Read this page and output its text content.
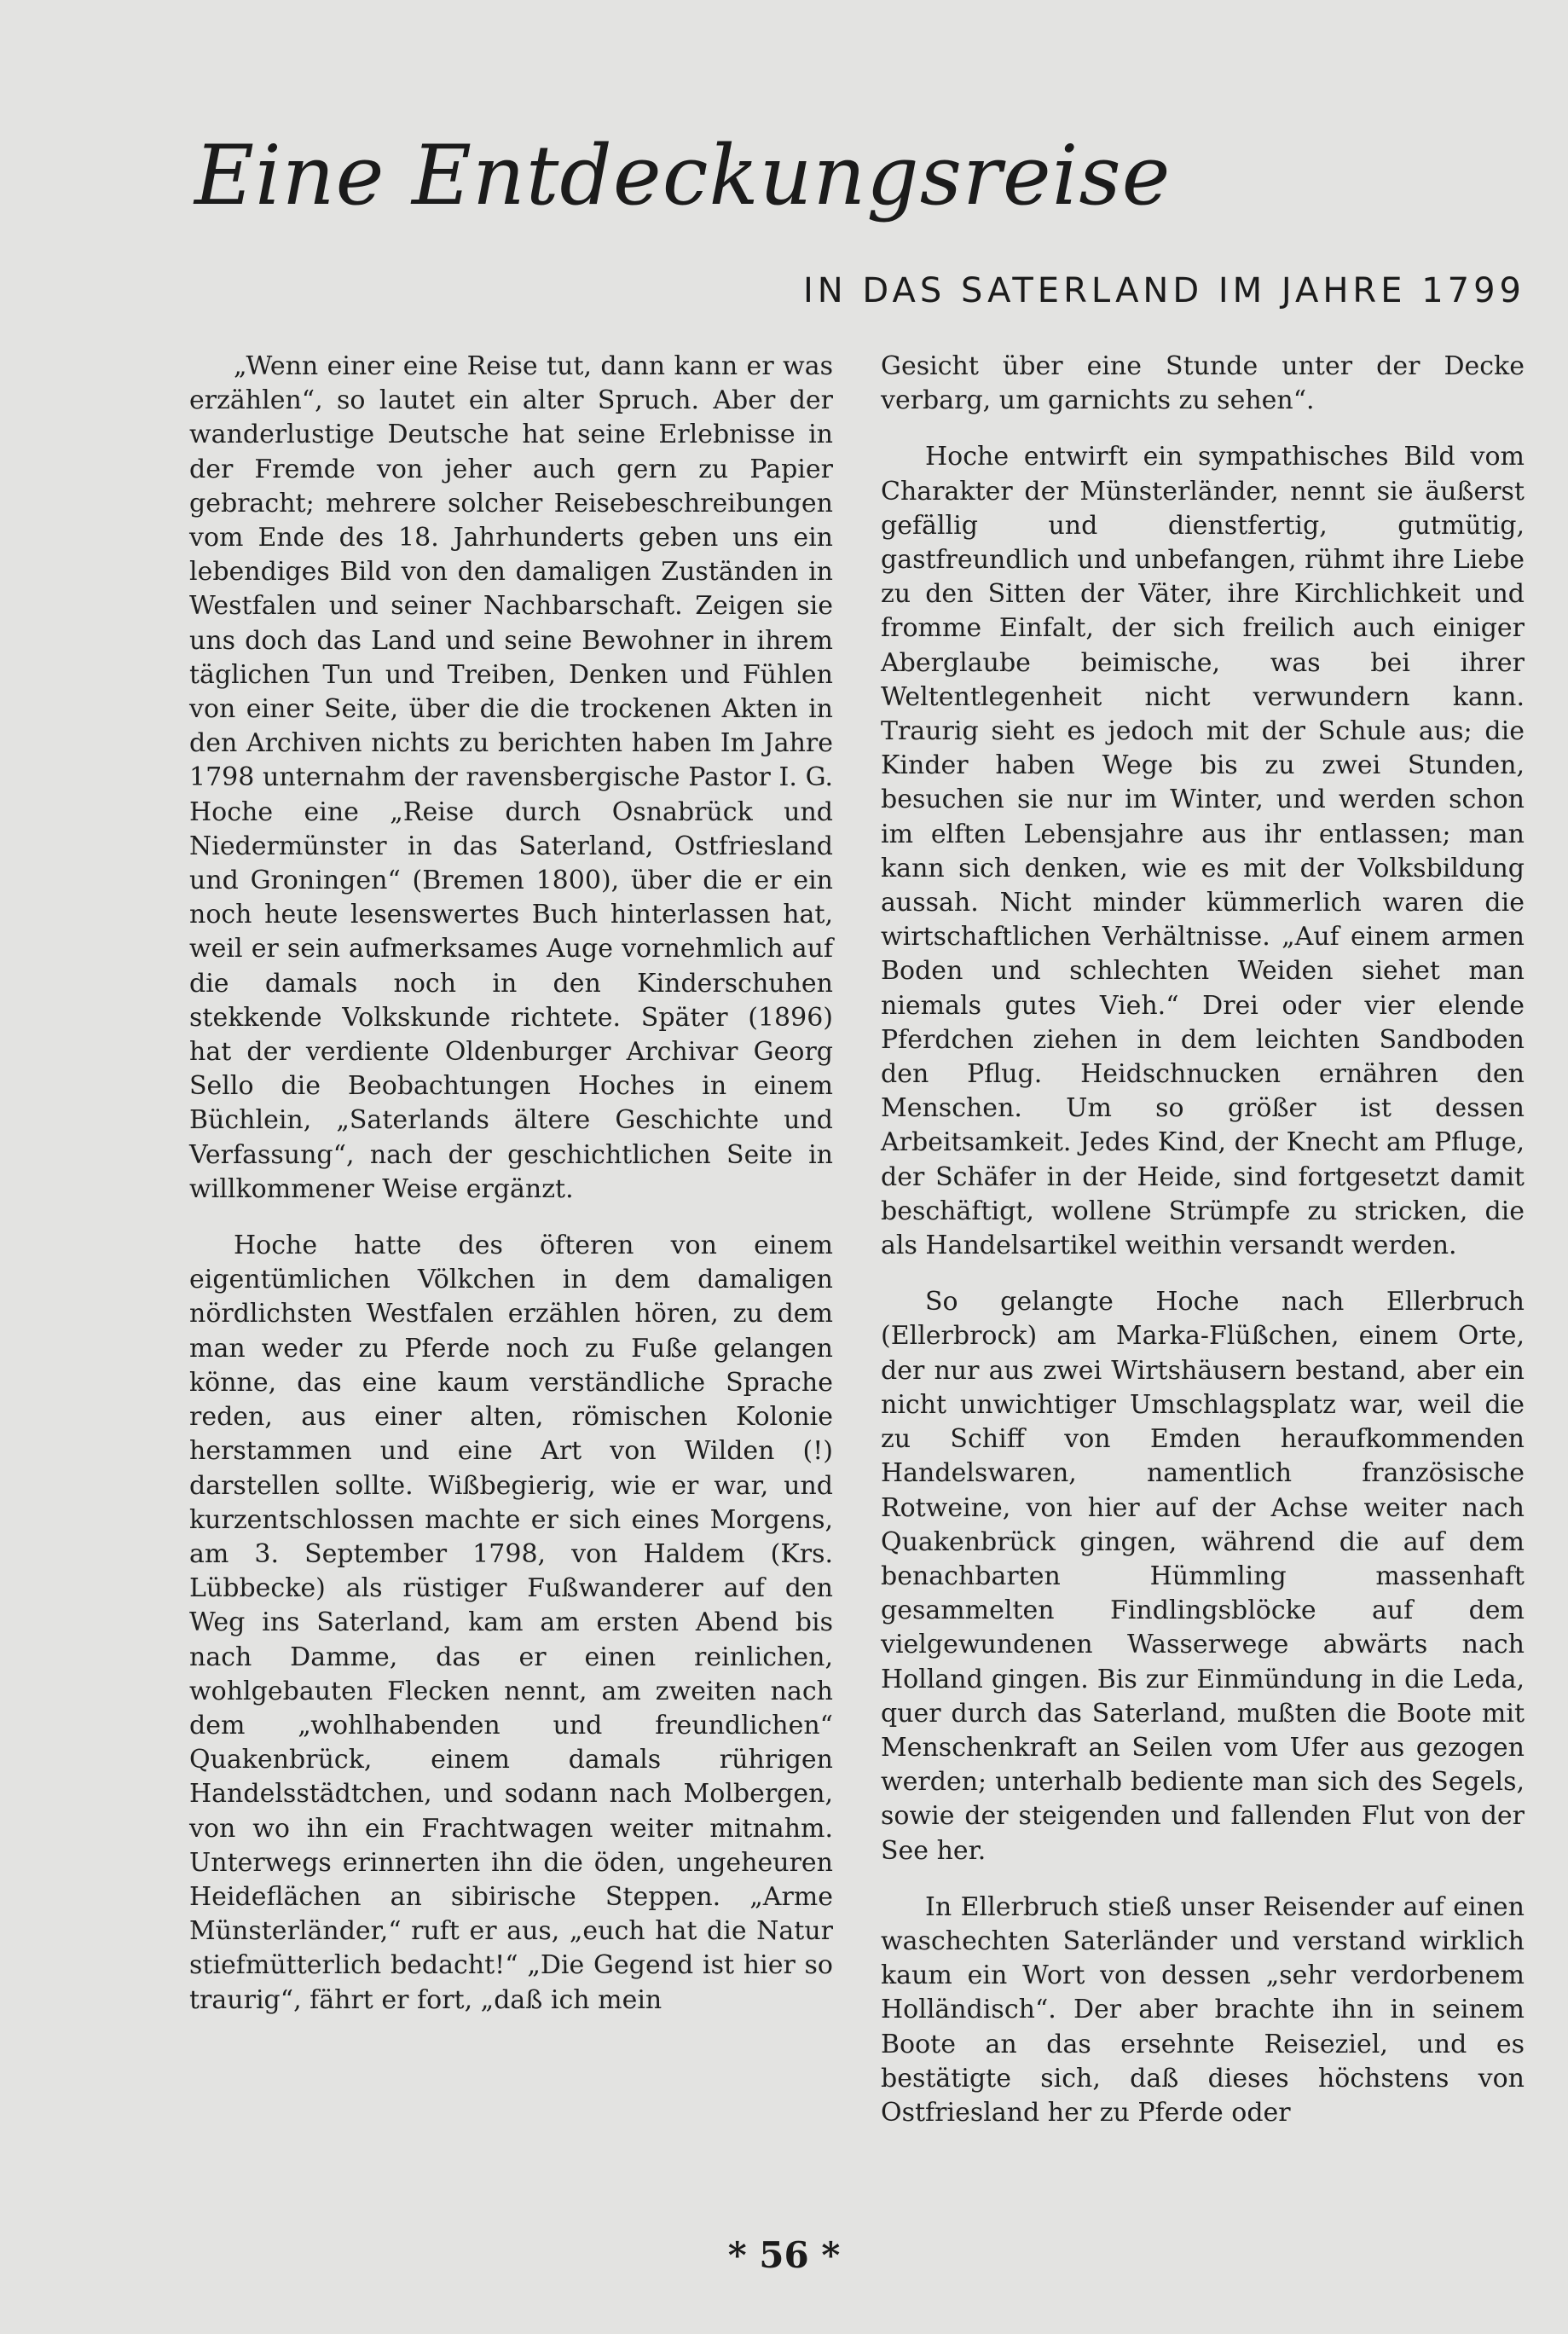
Eine Entdeckungsreise
IN DAS SATERLAND IM JAHRE 1799

„Wenn einer eine Reise tut, dann kann er was erzählen“, so lautet ein alter Spruch. Aber der wanderlustige Deutsche hat seine Erlebnisse in der Fremde von jeher auch gern zu Papier gebracht; mehrere solcher Reisebeschreibungen vom Ende des 18. Jahrhunderts geben uns ein lebendiges Bild von den damaligen Zuständen in Westfalen und seiner Nachbarschaft. Zeigen sie uns doch das Land und seine Bewohner in ihrem täglichen Tun und Treiben, Denken und Fühlen von einer Seite, über die die trockenen Akten in den Archiven nichts zu berichten haben Im Jahre 1798 unternahm der ravensbergische Pastor I. G. Hoche eine „Reise durch Osnabrück und Niedermünster in das Saterland, Ostfriesland und Groningen“ (Bremen 1800), über die er ein noch heute lesenswertes Buch hinterlassen hat, weil er sein aufmerksames Auge vornehmlich auf die damals noch in den Kinderschuhen stekkende Volkskunde richtete. Später (1896) hat der verdiente Oldenburger Archivar Georg Sello die Beobachtungen Hoches in einem Büchlein, „Saterlands ältere Geschichte und Verfassung“, nach der geschichtlichen Seite in willkommener Weise ergänzt.

Hoche hatte des öfteren von einem eigentümlichen Völkchen in dem damaligen nördlichsten Westfalen erzählen hören, zu dem man weder zu Pferde noch zu Fuße gelangen könne, das eine kaum verständliche Sprache reden, aus einer alten, römischen Kolonie herstammen und eine Art von Wilden (!) darstellen sollte. Wißbegierig, wie er war, und kurzentschlossen machte er sich eines Morgens, am 3. September 1798, von Haldem (Krs. Lübbecke) als rüstiger Fußwanderer auf den Weg ins Saterland, kam am ersten Abend bis nach Damme, das er einen reinlichen, wohlgebauten Flecken nennt, am zweiten nach dem „wohlhabenden und freundlichen“ Quakenbrück, einem damals rührigen Handelsstädtchen, und sodann nach Molbergen, von wo ihn ein Frachtwagen weiter mitnahm. Unterwegs erinnerten ihn die öden, ungeheuren Heideflächen an sibirische Steppen. „Arme Münsterländer,“ ruft er aus, „euch hat die Natur stiefmütterlich bedacht!“ „Die Gegend ist hier so traurig“, fährt er fort, „daß ich mein

Gesicht über eine Stunde unter der Decke verbarg, um garnichts zu sehen“.

Hoche entwirft ein sympathisches Bild vom Charakter der Münsterländer, nennt sie äußerst gefällig und dienstfertig, gutmütig, gastfreundlich und unbefangen, rühmt ihre Liebe zu den Sitten der Väter, ihre Kirchlichkeit und fromme Einfalt, der sich freilich auch einiger Aberglaube beimische, was bei ihrer Weltentlegenheit nicht verwundern kann. Traurig sieht es jedoch mit der Schule aus; die Kinder haben Wege bis zu zwei Stunden, besuchen sie nur im Winter, und werden schon im elften Lebensjahre aus ihr entlassen; man kann sich denken, wie es mit der Volksbildung aussah. Nicht minder kümmerlich waren die wirtschaftlichen Verhältnisse. „Auf einem armen Boden und schlechten Weiden siehet man niemals gutes Vieh.“ Drei oder vier elende Pferdchen ziehen in dem leichten Sandboden den Pflug. Heidschnucken ernähren den Menschen. Um so größer ist dessen Arbeitsamkeit. Jedes Kind, der Knecht am Pfluge, der Schäfer in der Heide, sind fortgesetzt damit beschäftigt, wollene Strümpfe zu stricken, die als Handelsartikel weithin versandt werden.

So gelangte Hoche nach Ellerbruch (Ellerbrock) am Marka-Flüßchen, einem Orte, der nur aus zwei Wirtshäusern bestand, aber ein nicht unwichtiger Umschlagsplatz war, weil die zu Schiff von Emden heraufkommenden Handelswaren, namentlich französische Rotweine, von hier auf der Achse weiter nach Quakenbrück gingen, während die auf dem benachbarten Hümmling massenhaft gesammelten Findlingsblöcke auf dem vielgewundenen Wasserwege abwärts nach Holland gingen. Bis zur Einmündung in die Leda, quer durch das Saterland, mußten die Boote mit Menschenkraft an Seilen vom Ufer aus gezogen werden; unterhalb bediente man sich des Segels, sowie der steigenden und fallenden Flut von der See her.

In Ellerbruch stieß unser Reisender auf einen waschechten Saterländer und verstand wirklich kaum ein Wort von dessen „sehr verdorbenem Holländisch“. Der aber brachte ihn in seinem Boote an das ersehnte Reiseziel, und es bestätigte sich, daß dieses höchstens von Ostfriesland her zu Pferde oder

* 56 *
